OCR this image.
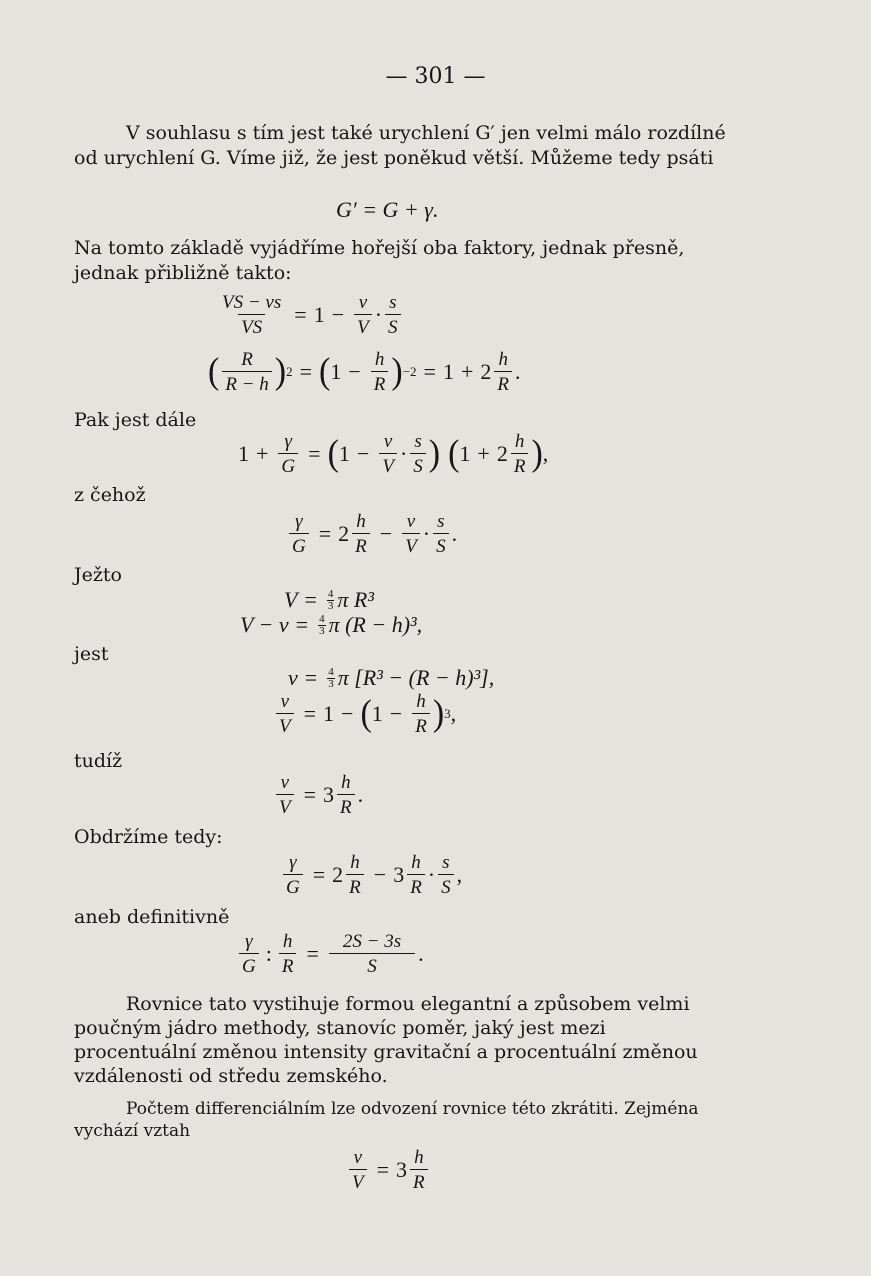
— 301 —
V souhlasu s tím jest také urychlení G′ jen velmi málo rozdílné od urychlení G. Víme již, že jest poněkud větší. Můžeme tedy psáti
G′ = G + γ.
Na tomto základě vyjádříme hořejší oba faktory, jednak přesně, jednak přibližně takto:
$\frac{VS - vs}{VS} = 1 - \frac{v}{V} \cdot \frac{s}{S}$
( $\frac{R}{R - h}$ ) 2 = ( $1 - \frac{h}{R}$ ) $-2 = 1 + 2 \frac{h}{R}$ .
Pak jest dále
$1 + \frac{\gamma}{G}$ = ( $1 - \frac{v}{V} \cdot \frac{s}{S}$ ) ( $1 + 2 \frac{h}{R}$ ) ,
z čehož
$\frac{\gamma}{G} = 2 \frac{h}{R} - \frac{v}{V} \cdot \frac{s}{S}$ .
Ježto
$V = \frac{4}{3}$ π R³
$V - v = \frac{4}{3}$ π (R − h)³,
jest
$v = \frac{4}{3}$ π [R³ − (R − h)³],
$\frac{v}{V} = 1$ − ( $1 - \frac{h}{R}$ ) 3 ,
tudíž
$\frac{v}{V} = 3 \frac{h}{R}$ .
Obdržíme tedy:
$\frac{\gamma}{G} = 2 \frac{h}{R} - 3 \frac{h}{R} \cdot \frac{s}{S}$ ,
aneb definitivně
$\frac{\gamma}{G}$ : $\frac{h}{R} = \frac{2S - 3s}{S}$ .
Rovnice tato vystihuje formou elegantní a způsobem velmi poučným jádro methody, stanovíc poměr, jaký jest mezi procentuální změnou intensity gravitační a procentuální změnou vzdálenosti od středu zemského.
Počtem differenciálním lze odvození rovnice této zkrátiti. Zejména vychází vztah
$\frac{v}{V} = 3 \frac{h}{R}$
